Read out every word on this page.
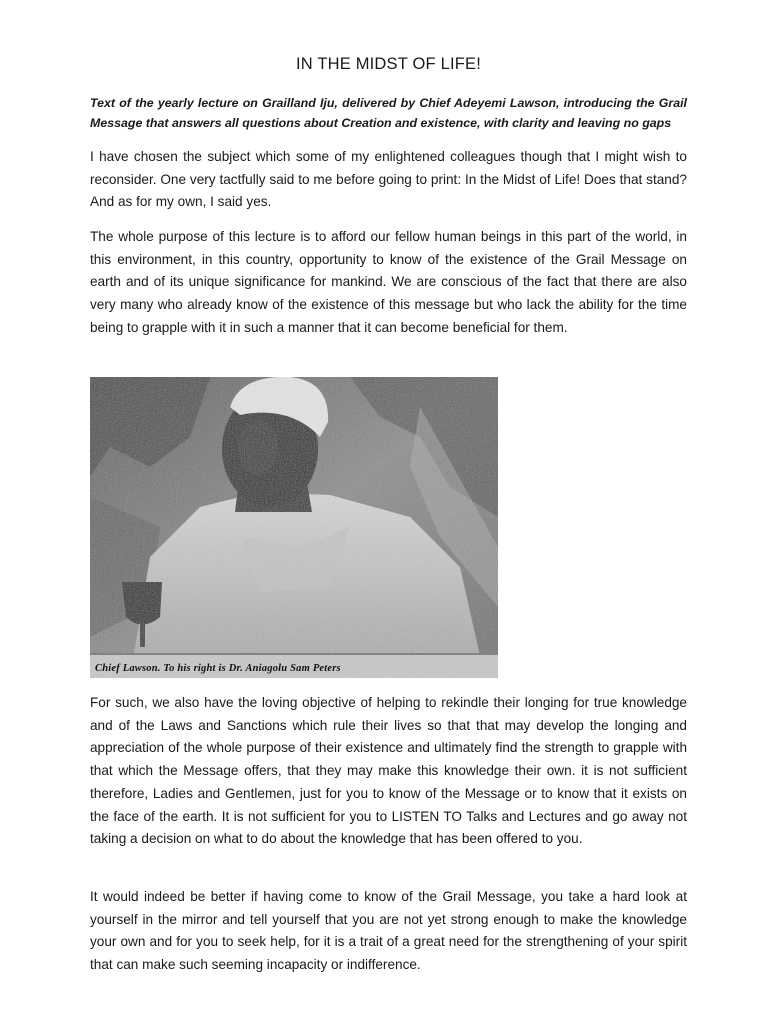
IN THE MIDST OF LIFE!
Text of the yearly lecture on Grailland Iju, delivered by Chief Adeyemi Lawson, introducing the Grail Message that answers all questions about Creation and existence, with clarity and leaving no gaps

I have chosen the subject which some of my enlightened colleagues though that I might wish to reconsider. One very tactfully said to me before going to print: In the Midst of Life! Does that stand? And as for my own, I said yes.

The whole purpose of this lecture is to afford our fellow human beings in this part of the world, in this environment, in this country, opportunity to know of the existence of the Grail Message on earth and of its unique significance for mankind. We are conscious of the fact that there are also very many who already know of the existence of this message but who lack the ability for the time being to grapple with it in such a manner that it can become beneficial for them.

Chief Lawson. To his right is Dr. Aniagolu Sam Peters

For such, we also have the loving objective of helping to rekindle their longing for true knowledge and of the Laws and Sanctions which rule their lives so that that may develop the longing and appreciation of the whole purpose of their existence and ultimately find the strength to grapple with that which the Message offers, that they may make this knowledge their own. it is not sufficient therefore, Ladies and Gentlemen, just for you to know of the Message or to know that it exists on the face of the earth. It is not sufficient for you to LISTEN TO Talks and Lectures and go away not taking a decision on what to do about the knowledge that has been offered to you.

It would indeed be better if having come to know of the Grail Message, you take a hard look at yourself in the mirror and tell yourself that you are not yet strong enough to make the knowledge your own and for you to seek help, for it is a trait of a great need for the strengthening of your spirit that can make such seeming incapacity or indifference.
